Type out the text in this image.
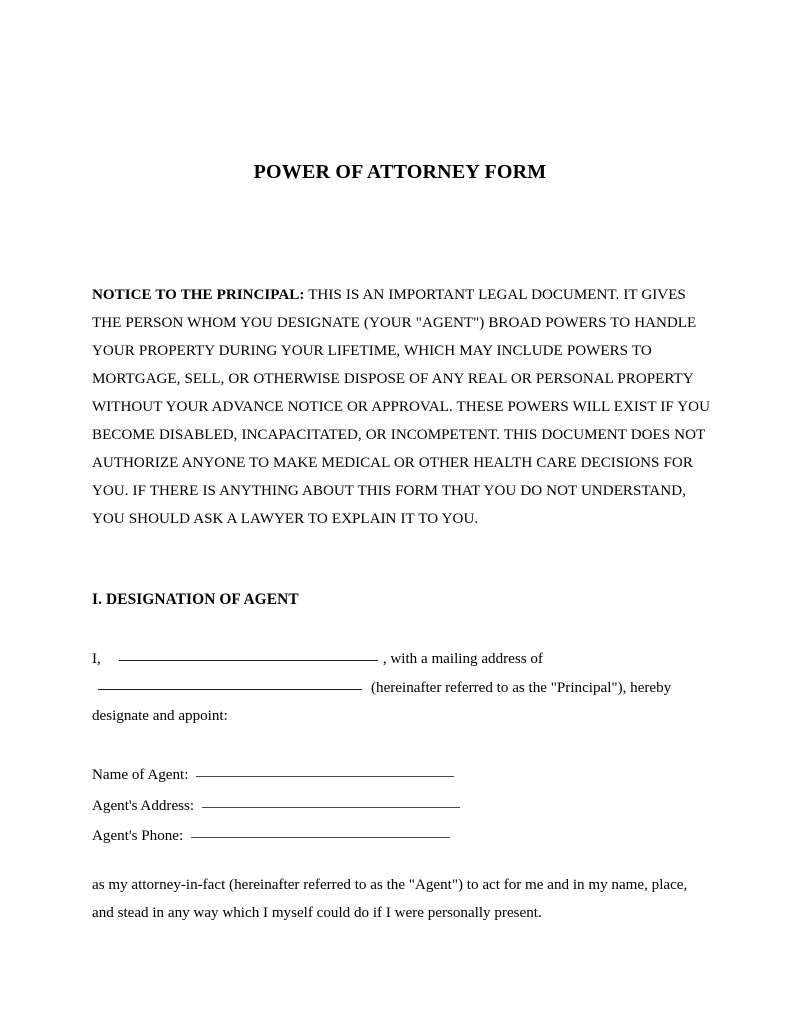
POWER OF ATTORNEY FORM
NOTICE TO THE PRINCIPAL: THIS IS AN IMPORTANT LEGAL DOCUMENT. IT GIVES THE PERSON WHOM YOU DESIGNATE (YOUR "AGENT") BROAD POWERS TO HANDLE YOUR PROPERTY DURING YOUR LIFETIME, WHICH MAY INCLUDE POWERS TO MORTGAGE, SELL, OR OTHERWISE DISPOSE OF ANY REAL OR PERSONAL PROPERTY WITHOUT YOUR ADVANCE NOTICE OR APPROVAL. THESE POWERS WILL EXIST IF YOU BECOME DISABLED, INCAPACITATED, OR INCOMPETENT. THIS DOCUMENT DOES NOT AUTHORIZE ANYONE TO MAKE MEDICAL OR OTHER HEALTH CARE DECISIONS FOR YOU. IF THERE IS ANYTHING ABOUT THIS FORM THAT YOU DO NOT UNDERSTAND, YOU SHOULD ASK A LAWYER TO EXPLAIN IT TO YOU.
I. DESIGNATION OF AGENT
I,	, with a mailing address of
(hereinafter referred to as the "Principal"), hereby
designate and appoint:
Name of Agent:
Agent's Address:
Agent's Phone:
as my attorney-in-fact (hereinafter referred to as the "Agent") to act for me and in my name, place, and stead in any way which I myself could do if I were personally present.
